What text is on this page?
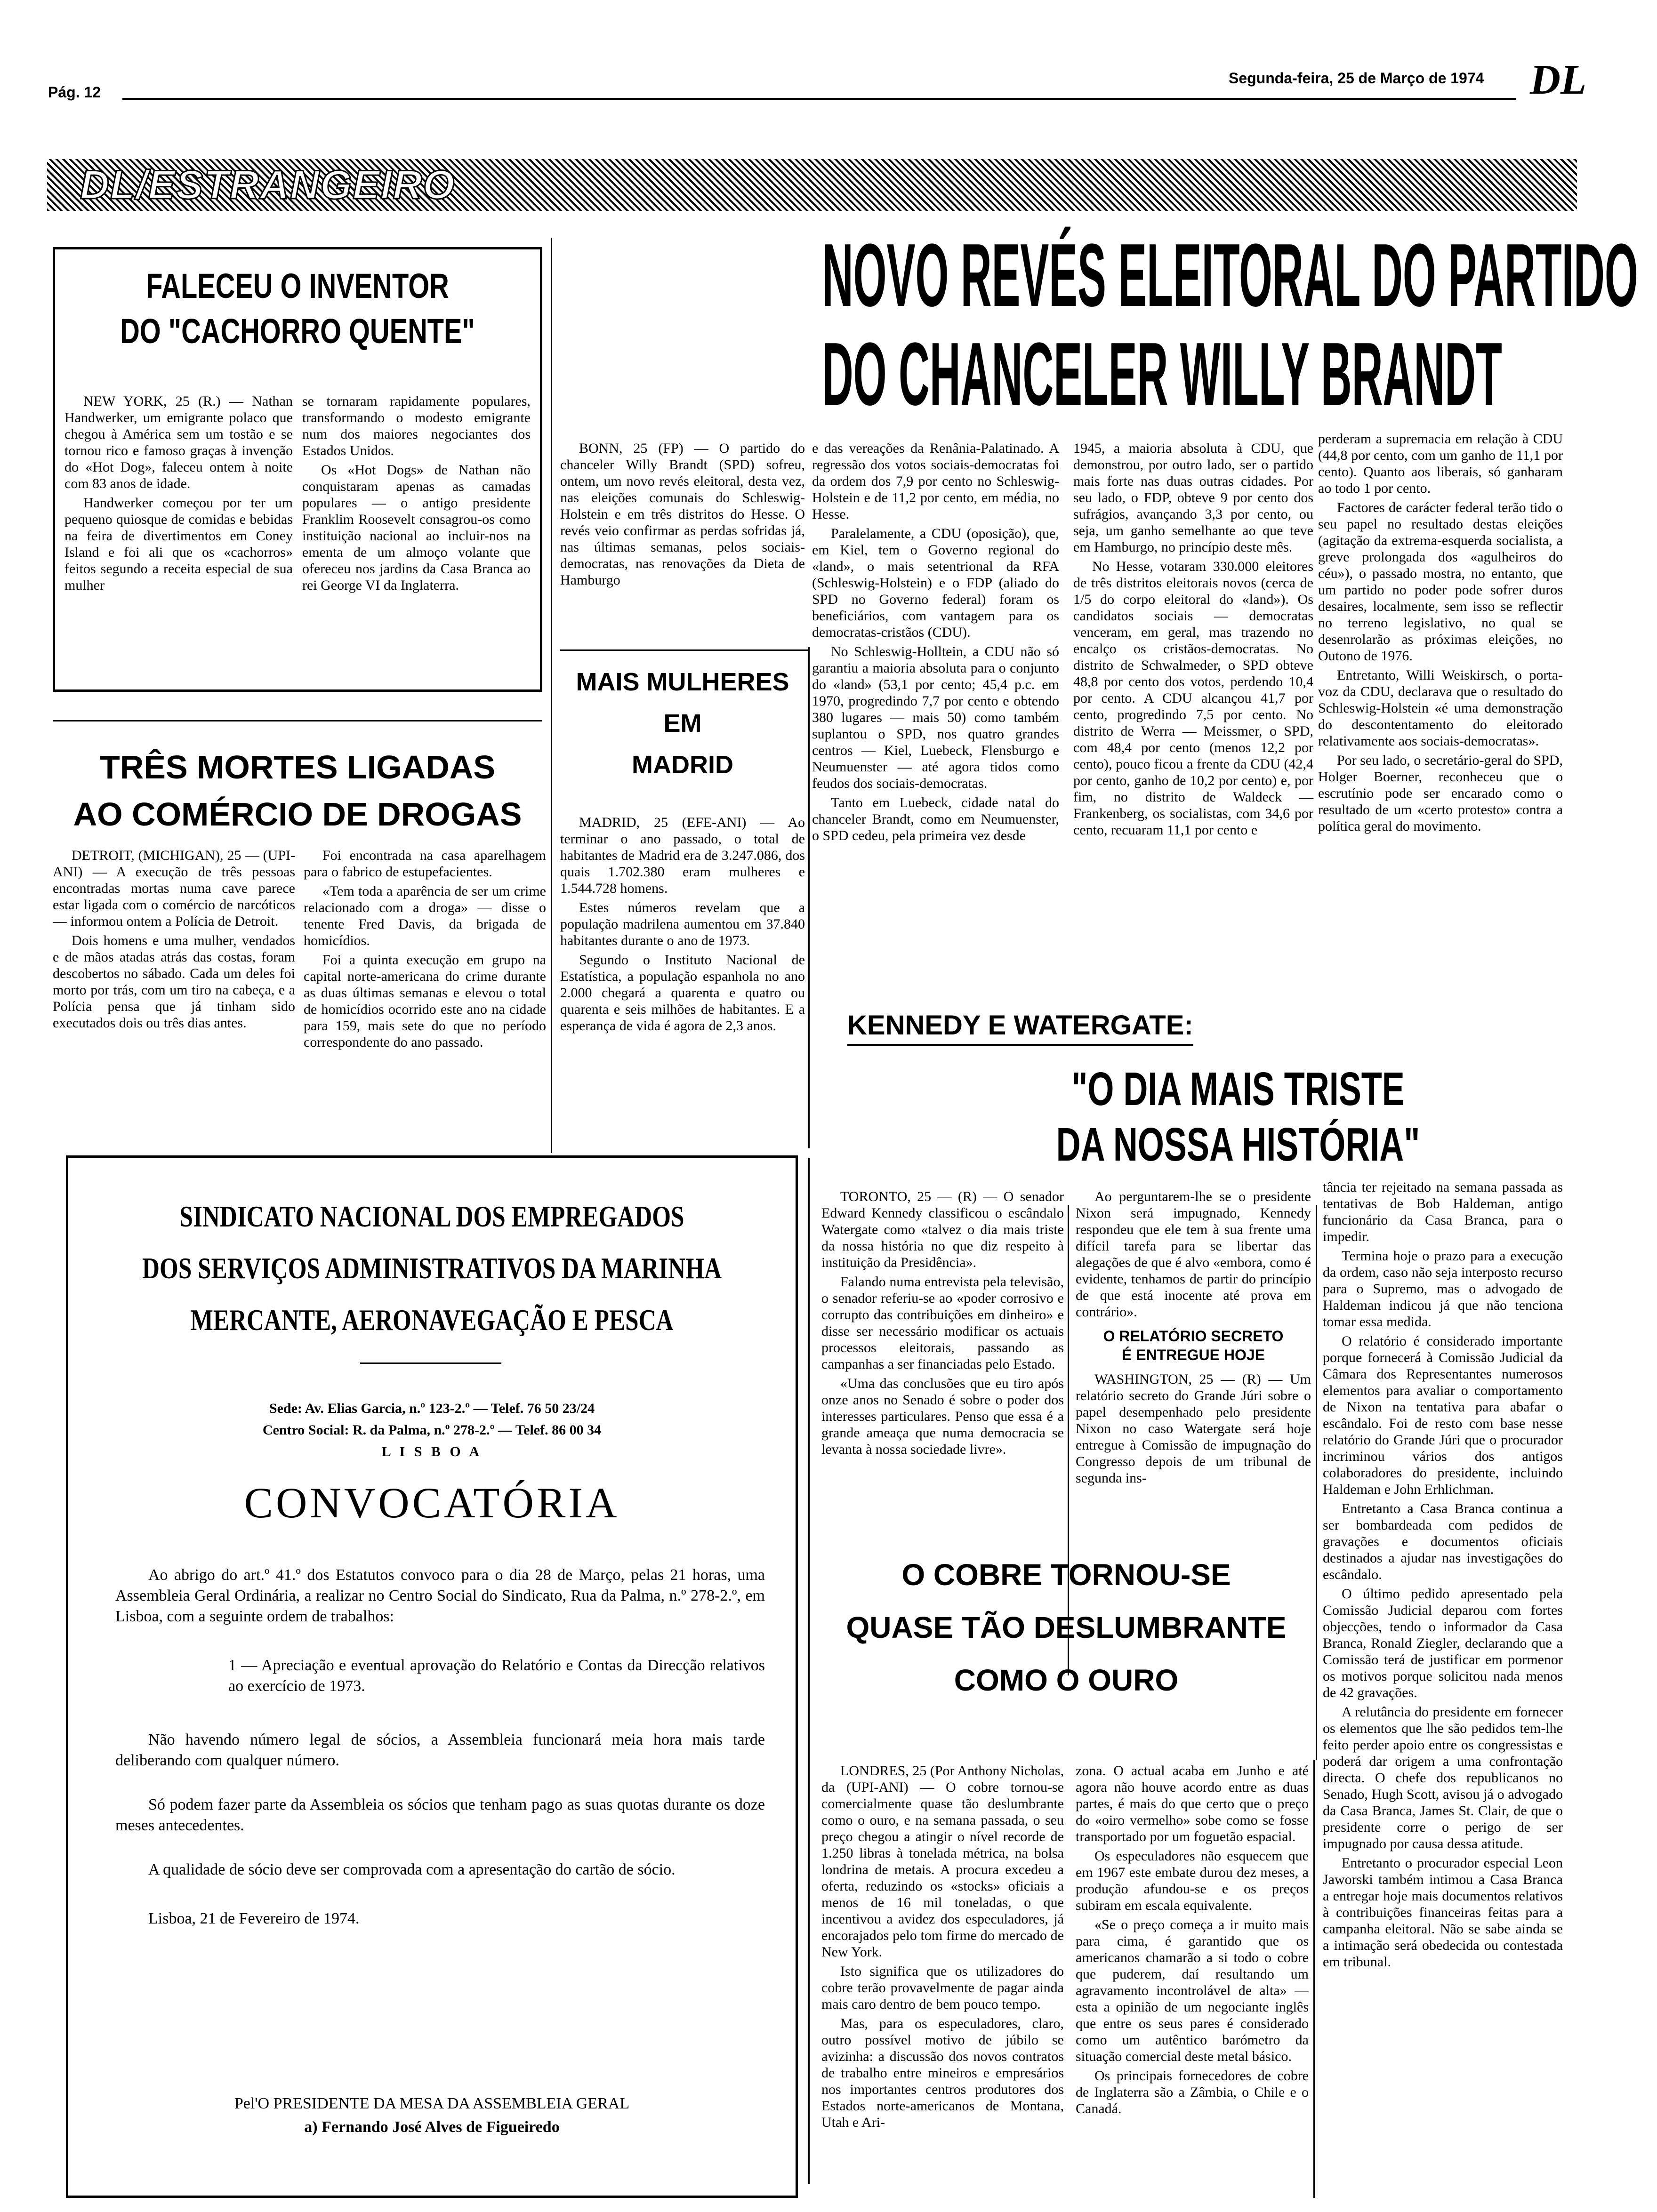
Pág. 12
Segunda-feira, 25 de Março de 1974 DL
DL/ESTRANGEIRO
FALECEU O INVENTOR
DO "CACHORRO QUENTE"

NEW YORK, 25 (R.) — Nathan Handwerker, um emigrante polaco que chegou à América sem um tostão e se tornou rico e famoso graças à invenção do «Hot Dog», faleceu ontem à noite com 83 anos de idade.

Handwerker começou por ter um pequeno quiosque de comidas e bebidas na feira de divertimentos em Coney Island e foi ali que os «cachorros» feitos segundo a receita especial de sua mulher

se tornaram rapidamente populares, transformando o modesto emigrante num dos maiores negociantes dos Estados Unidos.

Os «Hot Dogs» de Nathan não conquistaram apenas as camadas populares — o antigo presidente Franklim Roosevelt consagrou-os como instituição nacional ao incluir-nos na ementa de um almoço volante que ofereceu nos jardins da Casa Branca ao rei George VI da Inglaterra.

NOVO REVÉS ELEITORAL DO PARTIDO
DO CHANCELER WILLY BRANDT

BONN, 25 (FP) — O partido do chanceler Willy Brandt (SPD) sofreu, ontem, um novo revés eleitoral, desta vez, nas eleições comunais do Schleswig-Holstein e em três distritos do Hesse. O revés veio confirmar as perdas sofridas já, nas últimas semanas, pelos sociais-democratas, nas renovações da Dieta de Hamburgo

e das vereações da Renânia-Palatinado. A regressão dos votos sociais-democratas foi da ordem dos 7,9 por cento no Schleswig-Holstein e de 11,2 por cento, em média, no Hesse.

Paralelamente, a CDU (oposição), que, em Kiel, tem o Governo regional do «land», o mais setentrional da RFA (Schleswig-Holstein) e o FDP (aliado do SPD no Governo federal) foram os beneficiários, com vantagem para os democratas-cristãos (CDU).

No Schleswig-Holltein, a CDU não só garantiu a maioria absoluta para o conjunto do «land» (53,1 por cento; 45,4 p.c. em 1970, progredindo 7,7 por cento e obtendo 380 lugares — mais 50) como também suplantou o SPD, nos quatro grandes centros — Kiel, Luebeck, Flensburgo e Neumuenster — até agora tidos como feudos dos sociais-democratas.

Tanto em Luebeck, cidade natal do chanceler Brandt, como em Neumuenster, o SPD cedeu, pela primeira vez desde

1945, a maioria absoluta à CDU, que demonstrou, por outro lado, ser o partido mais forte nas duas outras cidades. Por seu lado, o FDP, obteve 9 por cento dos sufrágios, avançando 3,3 por cento, ou seja, um ganho semelhante ao que teve em Hamburgo, no princípio deste mês.

No Hesse, votaram 330.000 eleitores de três distritos eleitorais novos (cerca de 1/5 do corpo eleitoral do «land»). Os candidatos sociais — democratas venceram, em geral, mas trazendo no encalço os cristãos-democratas. No distrito de Schwalmeder, o SPD obteve 48,8 por cento dos votos, perdendo 10,4 por cento. A CDU alcançou 41,7 por cento, progredindo 7,5 por cento. No distrito de Werra — Meissmer, o SPD, com 48,4 por cento (menos 12,2 por cento), pouco ficou a frente da CDU (42,4 por cento, ganho de 10,2 por cento) e, por fim, no distrito de Waldeck — Frankenberg, os socialistas, com 34,6 por cento, recuaram 11,1 por cento e

perderam a supremacia em relação à CDU (44,8 por cento, com um ganho de 11,1 por cento). Quanto aos liberais, só ganharam ao todo 1 por cento.

Factores de carácter federal terão tido o seu papel no resultado destas eleições (agitação da extrema-esquerda socialista, a greve prolongada dos «agulheiros do céu»), o passado mostra, no entanto, que um partido no poder pode sofrer duros desaires, localmente, sem isso se reflectir no terreno legislativo, no qual se desenrolarão as próximas eleições, no Outono de 1976.

Entretanto, Willi Weiskirsch, o porta-voz da CDU, declarava que o resultado do Schleswig-Holstein «é uma demonstração do descontentamento do eleitorado relativamente aos sociais-democratas».

Por seu lado, o secretário-geral do SPD, Holger Boerner, reconheceu que o escrutínio pode ser encarado como o resultado de um «certo protesto» contra a política geral do movimento.

MAIS MULHERES
EM
MADRID

MADRID, 25 (EFE-ANI) — Ao terminar o ano passado, o total de habitantes de Madrid era de 3.247.086, dos quais 1.702.380 eram mulheres e 1.544.728 homens.

Estes números revelam que a população madrilena aumentou em 37.840 habitantes durante o ano de 1973.

Segundo o Instituto Nacional de Estatística, a população espanhola no ano 2.000 chegará a quarenta e quatro ou quarenta e seis milhões de habitantes. E a esperança de vida é agora de 2,3 anos.

TRÊS MORTES LIGADAS
AO COMÉRCIO DE DROGAS

DETROIT, (MICHIGAN), 25 — (UPI-ANI) — A execução de três pessoas encontradas mortas numa cave parece estar ligada com o comércio de narcóticos — informou ontem a Polícia de Detroit.

Dois homens e uma mulher, vendados e de mãos atadas atrás das costas, foram descobertos no sábado. Cada um deles foi morto por trás, com um tiro na cabeça, e a Polícia pensa que já tinham sido executados dois ou três dias antes.

Foi encontrada na casa aparelhagem para o fabrico de estupefacientes.

«Tem toda a aparência de ser um crime relacionado com a droga» — disse o tenente Fred Davis, da brigada de homicídios.

Foi a quinta execução em grupo na capital norte-americana do crime durante as duas últimas semanas e elevou o total de homicídios ocorrido este ano na cidade para 159, mais sete do que no período correspondente do ano passado.

SINDICATO NACIONAL DOS EMPREGADOS
DOS SERVIÇOS ADMINISTRATIVOS DA MARINHA
MERCANTE, AERONAVEGAÇÃO E PESCA
Sede: Av. Elias Garcia, n.º 123-2.º — Telef. 76 50 23/24
Centro Social: R. da Palma, n.º 278-2.º — Telef. 86 00 34
L I S B O A
CONVOCATÓRIA

Ao abrigo do art.º 41.º dos Estatutos convoco para o dia 28 de Março, pelas 21 horas, uma Assembleia Geral Ordinária, a realizar no Centro Social do Sindicato, Rua da Palma, n.º 278-2.º, em Lisboa, com a seguinte ordem de trabalhos:

1 — Apreciação e eventual aprovação do Relatório e Contas da Direcção relativos ao exercício de 1973.

Não havendo número legal de sócios, a Assembleia funcionará meia hora mais tarde deliberando com qualquer número.

Só podem fazer parte da Assembleia os sócios que tenham pago as suas quotas durante os doze meses antecedentes.

A qualidade de sócio deve ser comprovada com a apresentação do cartão de sócio.

Lisboa, 21 de Fevereiro de 1974.

Pel'O PRESIDENTE DA MESA DA ASSEMBLEIA GERAL
a) Fernando José Alves de Figueiredo
KENNEDY E WATERGATE:
"O DIA MAIS TRISTE
DA NOSSA HISTÓRIA"

TORONTO, 25 — (R) — O senador Edward Kennedy classificou o escândalo Watergate como «talvez o dia mais triste da nossa história no que diz respeito à instituição da Presidência».

Falando numa entrevista pela televisão, o senador referiu-se ao «poder corrosivo e corrupto das contribuições em dinheiro» e disse ser necessário modificar os actuais processos eleitorais, passando as campanhas a ser financiadas pelo Estado.

«Uma das conclusões que eu tiro após onze anos no Senado é sobre o poder dos interesses particulares. Penso que essa é a grande ameaça que numa democracia se levanta à nossa sociedade livre».

Ao perguntarem-lhe se o presidente Nixon será impugnado, Kennedy respondeu que ele tem à sua frente uma difícil tarefa para se libertar das alegações de que é alvo «embora, como é evidente, tenhamos de partir do princípio de que está inocente até prova em contrário».

O RELATÓRIO SECRETO
É ENTREGUE HOJE

WASHINGTON, 25 — (R) — Um relatório secreto do Grande Júri sobre o papel desempenhado pelo presidente Nixon no caso Watergate será hoje entregue à Comissão de impugnação do Congresso depois de um tribunal de segunda ins-

tância ter rejeitado na semana passada as tentativas de Bob Haldeman, antigo funcionário da Casa Branca, para o impedir.

Termina hoje o prazo para a execução da ordem, caso não seja interposto recurso para o Supremo, mas o advogado de Haldeman indicou já que não tenciona tomar essa medida.

O relatório é considerado importante porque fornecerá à Comissão Judicial da Câmara dos Representantes numerosos elementos para avaliar o comportamento de Nixon na tentativa para abafar o escândalo. Foi de resto com base nesse relatório do Grande Júri que o procurador incriminou vários dos antigos colaboradores do presidente, incluindo Haldeman e John Erhlichman.

Entretanto a Casa Branca continua a ser bombardeada com pedidos de gravações e documentos oficiais destinados a ajudar nas investigações do escândalo.

O último pedido apresentado pela Comissão Judicial deparou com fortes objecções, tendo o informador da Casa Branca, Ronald Ziegler, declarando que a Comissão terá de justificar em pormenor os motivos porque solicitou nada menos de 42 gravações.

A relutância do presidente em fornecer os elementos que lhe são pedidos tem-lhe feito perder apoio entre os congressistas e poderá dar origem a uma confrontação directa. O chefe dos republicanos no Senado, Hugh Scott, avisou já o advogado da Casa Branca, James St. Clair, de que o presidente corre o perigo de ser impugnado por causa dessa atitude.

Entretanto o procurador especial Leon Jaworski também intimou a Casa Branca a entregar hoje mais documentos relativos à contribuições financeiras feitas para a campanha eleitoral. Não se sabe ainda se a intimação será obedecida ou contestada em tribunal.

O COBRE TORNOU-SE
QUASE TÃO DESLUMBRANTE
COMO O OURO

LONDRES, 25 (Por Anthony Nicholas, da (UPI-ANI) — O cobre tornou-se comercialmente quase tão deslumbrante como o ouro, e na semana passada, o seu preço chegou a atingir o nível recorde de 1.250 libras à tonelada métrica, na bolsa londrina de metais. A procura excedeu a oferta, reduzindo os «stocks» oficiais a menos de 16 mil toneladas, o que incentivou a avidez dos especuladores, já encorajados pelo tom firme do mercado de New York.

Isto significa que os utilizadores do cobre terão provavelmente de pagar ainda mais caro dentro de bem pouco tempo.

Mas, para os especuladores, claro, outro possível motivo de júbilo se avizinha: a discussão dos novos contratos de trabalho entre mineiros e empresários nos importantes centros produtores dos Estados norte-americanos de Montana, Utah e Ari-

zona. O actual acaba em Junho e até agora não houve acordo entre as duas partes, é mais do que certo que o preço do «oiro vermelho» sobe como se fosse transportado por um foguetão espacial.

Os especuladores não esquecem que em 1967 este embate durou dez meses, a produção afundou-se e os preços subiram em escala equivalente.

«Se o preço começa a ir muito mais para cima, é garantido que os americanos chamarão a si todo o cobre que puderem, daí resultando um agravamento incontrolável de alta» — esta a opinião de um negociante inglês que entre os seus pares é considerado como um autêntico barómetro da situação comercial deste metal básico.

Os principais fornecedores de cobre de Inglaterra são a Zâmbia, o Chile e o Canadá.
